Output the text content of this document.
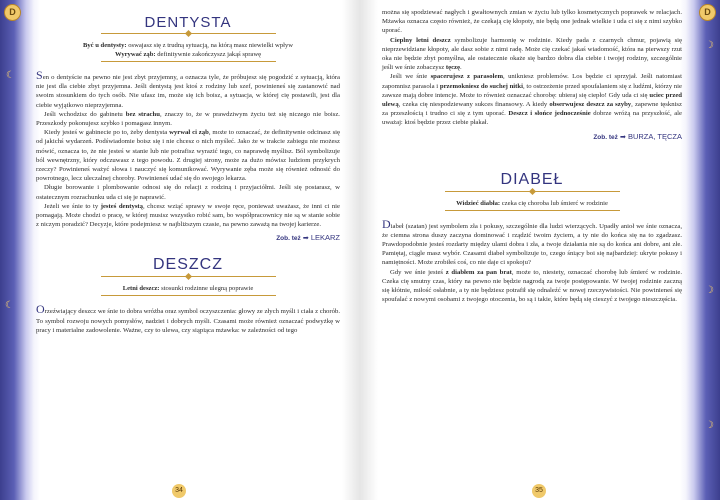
D
☾
☾
DENTYSTA
Być u dentysty: oswajasz się z trudną sytuacją, na którą masz niewielki wpływ
Wyrywać ząb: definitywnie zakończyszz jakąś sprawę

Sen o dentyście na pewno nie jest zbyt przyjemny, a oznacza tyle, że próbujesz się pogodzić z sytuacją, która nie jest dla ciebie zbyt przyjemna. Jeśli dentystą jest ktoś z rodziny lub szef, powinieneś się zastanowić nad swoim stosunkiem do tych osób. Nie ufasz im, może się ich boisz, a sytuacja, w której cię postawili, jest dla ciebie wyjątkowo nieprzyjemna.

Jeśli wchodzisz do gabinetu bez strachu, znaczy to, że w prawdziwym życiu też się niczego nie boisz. Przeszkody pokonujesz szybko i pomagasz innym.

Kiedy jesteś w gabinecie po to, żeby dentysta wyrwał ci ząb, może to oznaczać, że definitywnie odcinasz się od jakichś wydarzeń. Podświadomie boisz się i nie chcesz o nich myśleć. Jako że w trakcie zabiegu nie możesz mówić, oznacza to, że nie jesteś w stanie lub nie potrafisz wyrazić tego, co naprawdę myślisz. Ból symbolizuje ból wewnętrzny, który odczuwasz z tego powodu. Z drugiej strony, może za dużo mówisz ludziom przykrych rzeczy? Powinieneś ważyć słowa i nauczyć się komunikować. Wyrywanie zęba może się również odnosić do powrotnego, lecz uleczalnej choroby. Powinieneś udać się do swojego lekarza.

Długie borowanie i plombowanie odnosi się do relacji z rodziną i przyjaciółmi. Jeśli się postarasz, w ostatecznym rozrachunku uda ci się je naprawić.

Jeżeli we śnie to ty jesteś dentystą, chcesz wziąć sprawy w swoje ręce, ponieważ uważasz, że inni ci nie pomagają. Może chodzi o pracę, w której musisz wszystko robić sam, bo współpracownicy nie są w stanie sobie z niczym poradzić? Decyzje, które podejmiesz w najbliższym czasie, na pewno zaważą na twojej karierze.

Zob. też ➡ LEKARZ
DESZCZ
Letni deszcz: stosunki rodzinne ulegną poprawie

Orzeźwiający deszcz we śnie to dobra wróżba oraz symbol oczyszczenia: głowy ze złych myśli i ciała z chorób. To symbol rozwoju nowych pomysłów, nadziei i dobrych myśli. Czasami może również oznaczać podwyżkę w pracy i materialne zadowolenie. Ważne, czy to ulewa, czy siąpiąca mżawka: w zależności od tego

34
D
☽
☽
☽

można się spodziewać nagłych i gwałtownych zmian w życiu lub tylko kosmetycznych poprawek w relacjach. Mżawka oznacza często również, że czekają cię kłopoty, nie będą one jednak wielkie i uda ci się z nimi szybko uporać.

Cieplny letni deszcz symbolizuje harmonię w rodzinie. Kiedy pada z czarnych chmur, pojawią się nieprzewidziane kłopoty, ale dasz sobie z nimi radę. Może cię czekać jakaś wiadomość, która na pierwszy rzut oka nie będzie zbyt pomyślna, ale ostatecznie okaże się bardzo dobra dla ciebie i twojej rodziny, szczególnie jeśli we śnie zobaczysz tęczę.

Jeśli we śnie spacerujesz z parasolem, unikniesz problemów. Los będzie ci sprzyjał. Jeśli natomiast zapomnisz parasola i przemokniesz do suchej nitki, to ostrzeżenie przed spoufalaniem się z ludźmi, którzy nie zawsze mają dobre intencje. Może to również oznaczać chorobę: ubieraj się ciepło! Gdy uda ci się uciec przed ulewą, czeka cię niespodziewany sukces finansowy. A kiedy obserwujesz deszcz za szyby, zapewne tęsknisz za przeszłością i trudno ci się z tym uporać. Deszcz i słońce jednocześnie dobrze wróżą na przyszłość, ale uważaj: ktoś będzie przez ciebie płakał.

Zob. też ➡ BURZA, TĘCZA
DIABEŁ
Widzieć diabła: czeka cię choroba lub śmierć w rodzinie

Diabeł (szatan) jest symbolem zła i pokusy, szczególnie dla ludzi wierzących. Upadły anioł we śnie oznacza, że ciemna strona duszy zaczyna dominować i rządzić twoim życiem, a ty nie do końca się na to zgadzasz. Prawdopodobnie jesteś rozdarty między ulami dobra i zła, a twoje działania nie są do końca ani dobre, ani złe. Pamiętaj, ciągle masz wybór. Czasami diabeł symbolizuje to, czego śniący boi się najbardziej: ukryte pokusy i namiętności. Może zrobiłeś coś, co nie daje ci spokoju?

Gdy we śnie jesteś z diabłem za pan brat, może to, niestety, oznaczać chorobę lub śmierć w rodzinie. Czeka cię smutny czas, który na pewno nie będzie nagrodą za twoje postępowanie. W twojej rodzinie zaczną się kłótnie, miłość osłabnie, a ty nie będziesz potrafił się odnaleźć w nowej rzeczywistości. Nie powinieneś się spoufalać z nowymi osobami z twojego otoczenia, bo są i takie, które będą się cieszyć z twojego nieszczęścia.

35
